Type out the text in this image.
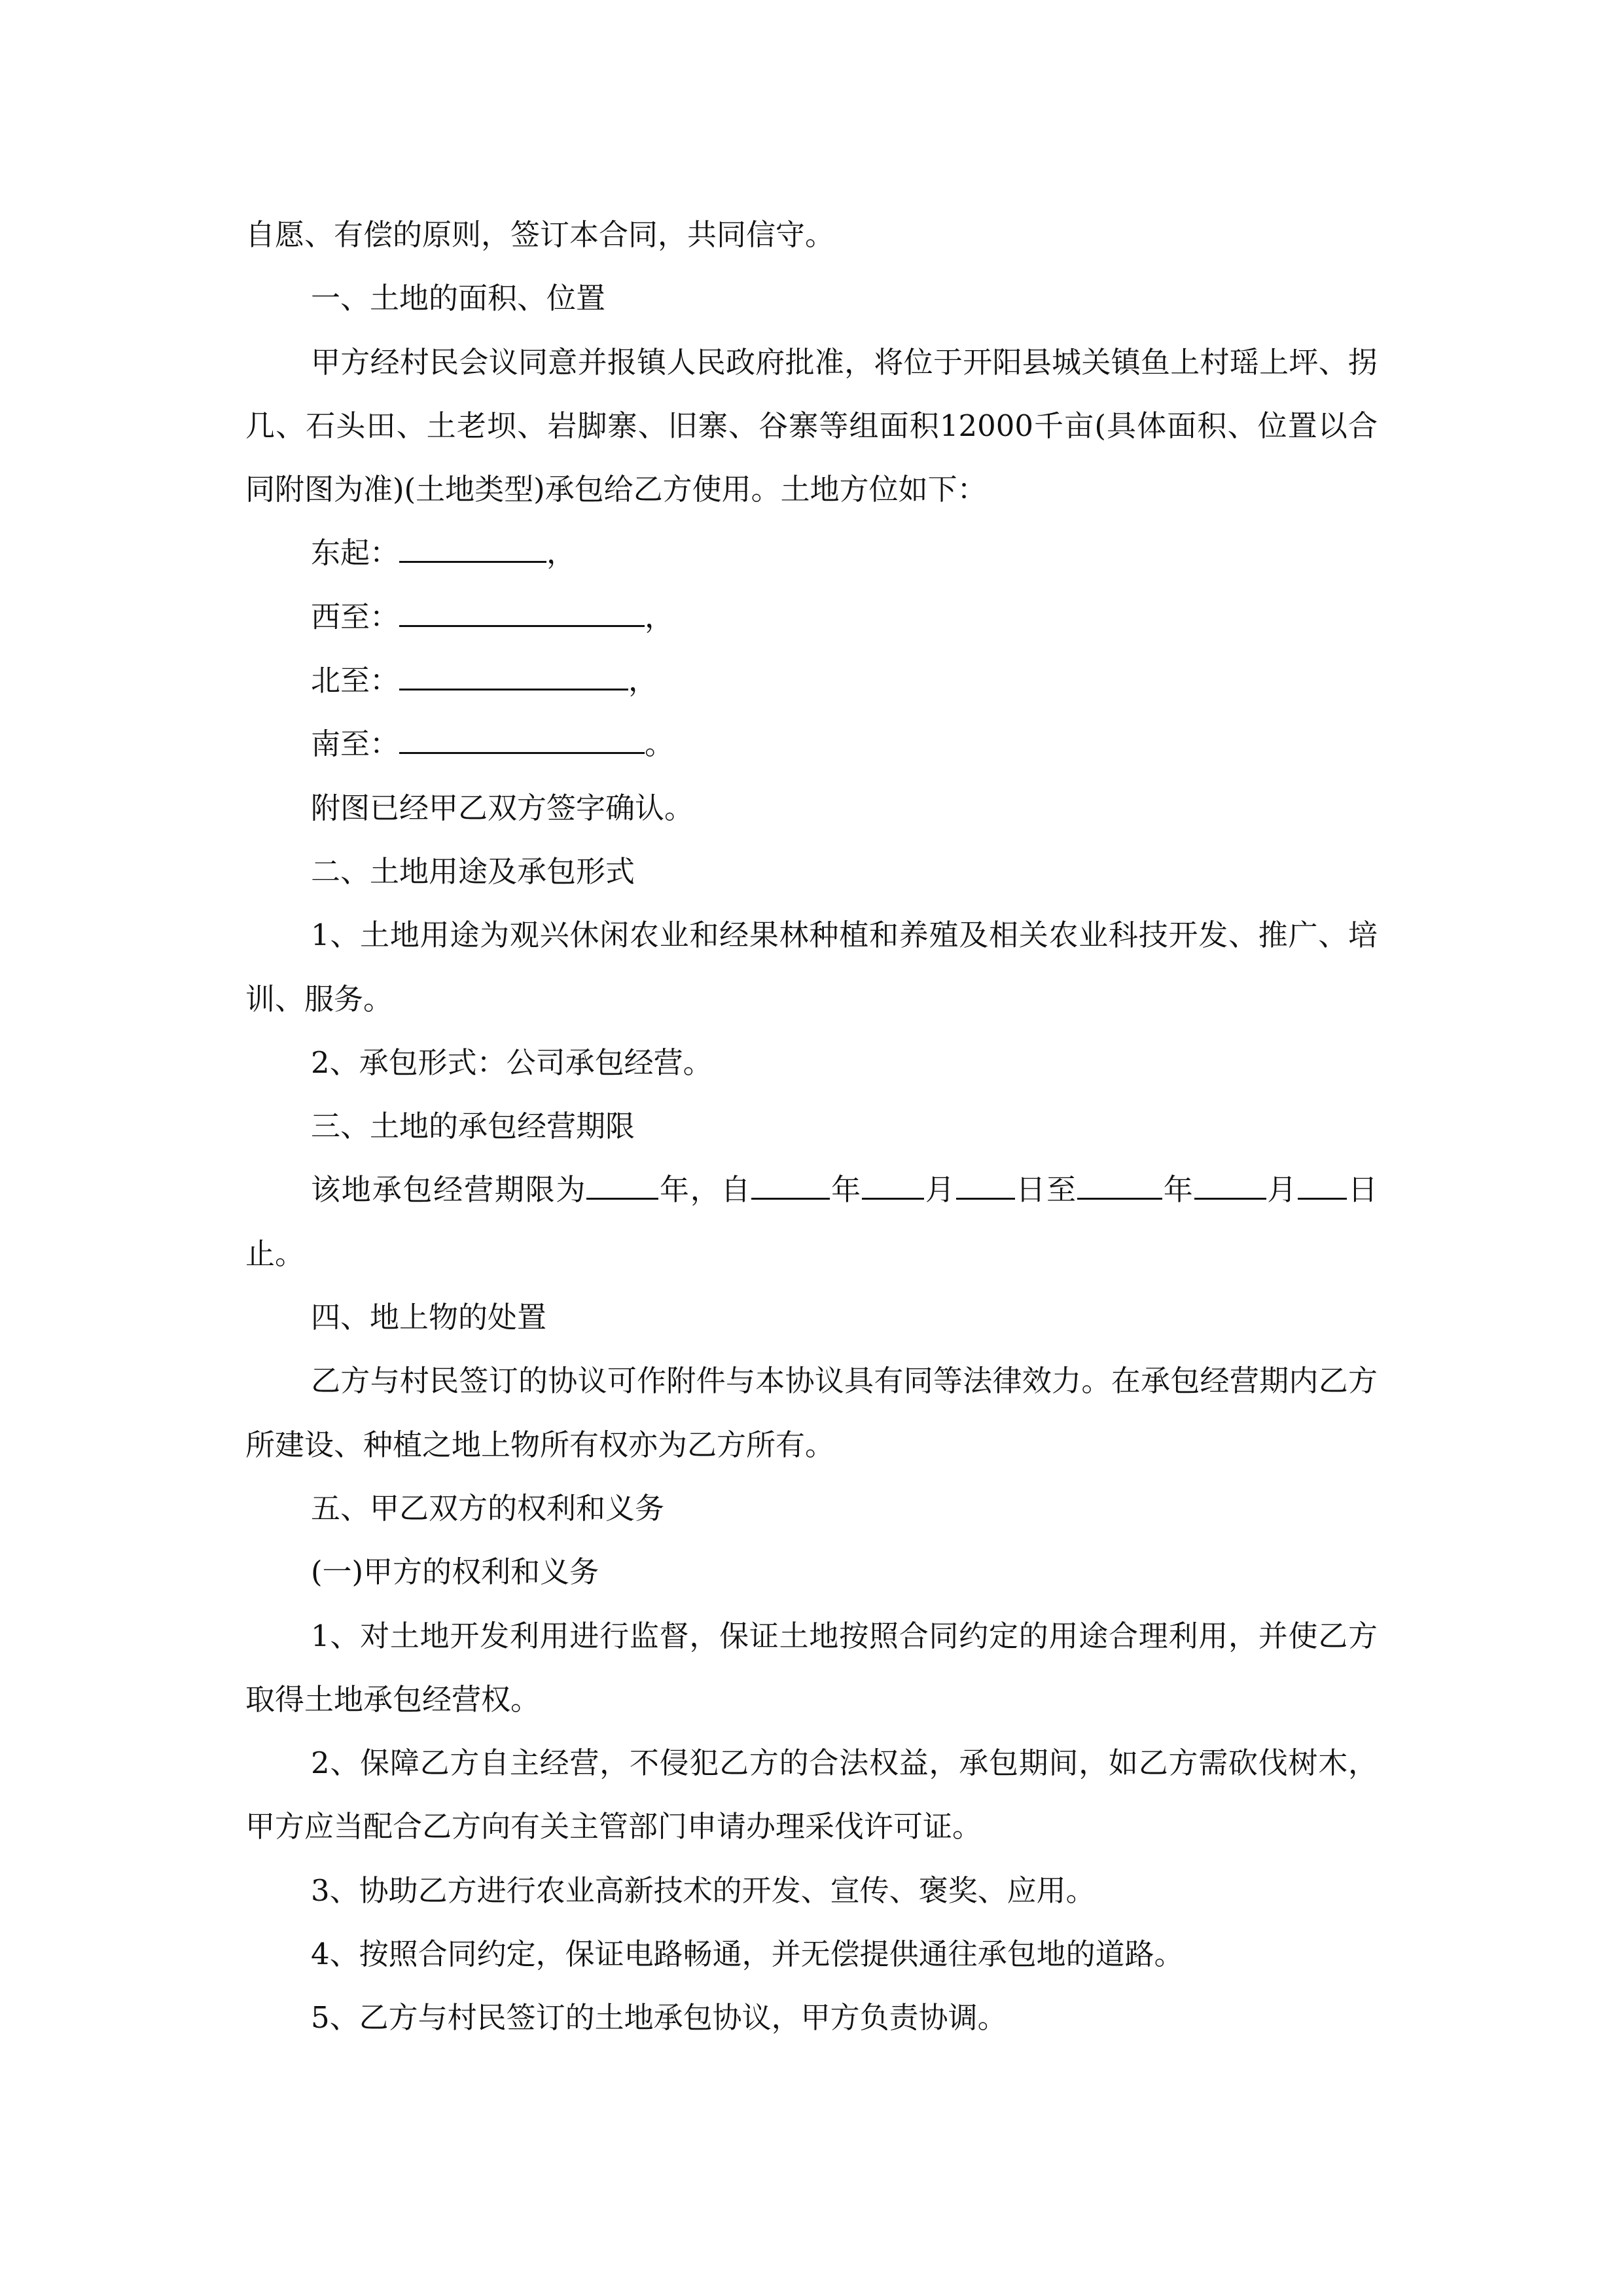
自愿、有偿的原则，签订本合同，共同信守。

一、土地的面积、位置

甲方经村民会议同意并报镇人民政府批准，将位于开阳县城关镇鱼上村瑶上坪、拐几、石头田、土老坝、岩脚寨、旧寨、谷寨等组面积12000千亩(具体面积、位置以合同附图为准)(土地类型)承包给乙方使用。土地方位如下：

东起：	，

西至：	，

北至：	，

南至：	。

附图已经甲乙双方签字确认。

二、土地用途及承包形式

1、土地用途为观兴休闲农业和经果林种植和养殖及相关农业科技开发、推广、培训、服务。

2、承包形式：公司承包经营。

三、土地的承包经营期限

该地承包经营期限为 年，自	年 月 日至	年 月 日止。

四、地上物的处置

乙方与村民签订的协议可作附件与本协议具有同等法律效力。在承包经营期内乙方所建设、种植之地上物所有权亦为乙方所有。

五、甲乙双方的权利和义务

(一)甲方的权利和义务

1、对土地开发利用进行监督，保证土地按照合同约定的用途合理利用，并使乙方取得土地承包经营权。

2、保障乙方自主经营，不侵犯乙方的合法权益，承包期间，如乙方需砍伐树木，甲方应当配合乙方向有关主管部门申请办理采伐许可证。

3、协助乙方进行农业高新技术的开发、宣传、褒奖、应用。

4、按照合同约定，保证电路畅通，并无偿提供通往承包地的道路。

5、乙方与村民签订的土地承包协议，甲方负责协调。
